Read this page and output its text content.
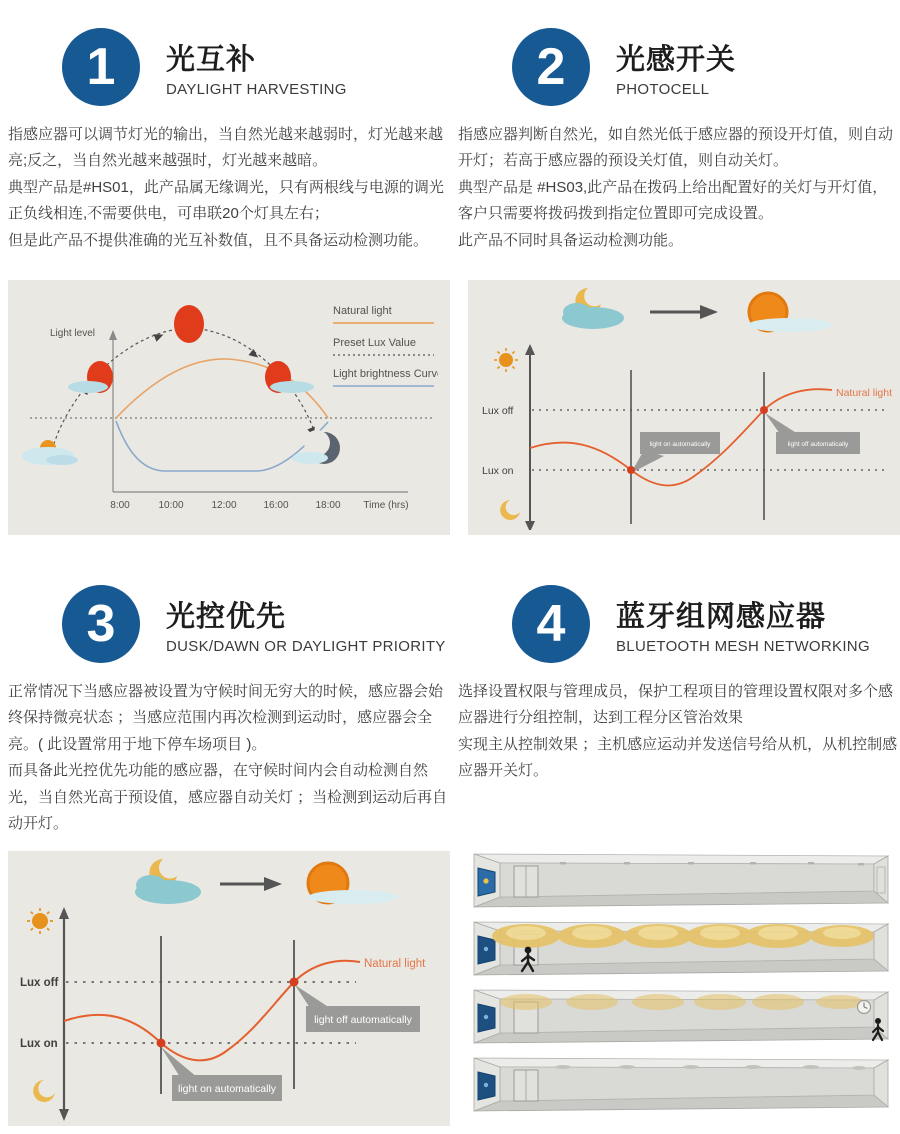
1	光互补
DAYLIGHT HARVESTING

指感应器可以调节灯光的输出，当自然光越来越弱时，灯光越来越亮;反之，当自然光越来越强时，灯光越来越暗。

典型产品是#HS01，此产品属无缘调光，只有两根线与电源的调光正负线相连,不需要供电，可串联20个灯具左右；

但是此产品不提供准确的光互补数值，且不具备运动检测功能。

Natural light
Preset Lux Value
Light brightness Curves
Light level
8:00	10:00	12:00	16:00	18:00 Time (hrs)
2	光感开关
PHOTOCELL

指感应器判断自然光，如自然光低于感应器的预设开灯值，则自动开灯；若高于感应器的预设关灯值，则自动关灯。

典型产品是 #HS03,此产品在拨码上给出配置好的关灯与开灯值，客户只需要将拨码拨到指定位置即可完成设置。

此产品不同时具备运动检测功能。

Lux off
Lux on
Natural light
light on automatically	light off automatically
3	光控优先
DUSK/DAWN OR DAYLIGHT PRIORITY

正常情况下当感应器被设置为守候时间无穷大的时候，感应器会始终保持微亮状态 ；当感应范围内再次检测到运动时，感应器会全亮。( 此设置常用于地下停车场项目 )。

而具备此光控优先功能的感应器，在守候时间内会自动检测自然光，当自然光高于预设值，感应器自动关灯 ；当检测到运动后再自动开灯。

Lux off
Lux on
Natural light
light on automatically
light off automatically
4	蓝牙组网感应器
BLUETOOTH MESH NETWORKING

选择设置权限与管理成员，保护工程项目的管理设置权限对多个感应器进行分组控制，达到工程分区管治效果

实现主从控制效果 ；主机感应运动并发送信号给从机，从机控制感应器开关灯。
